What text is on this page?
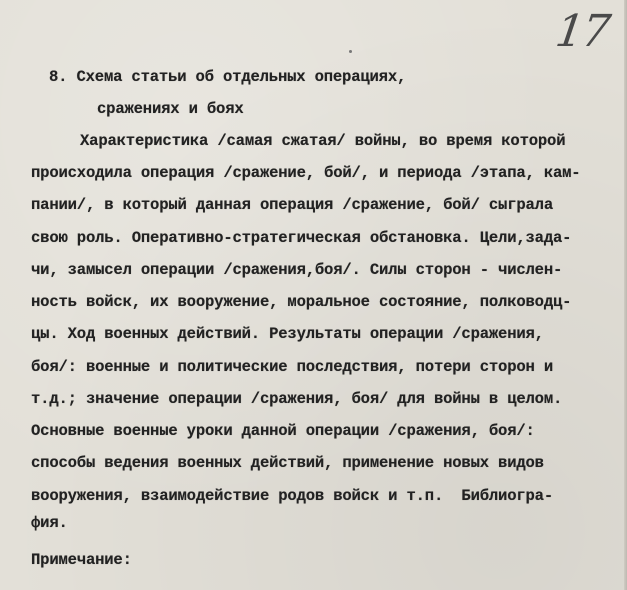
17
8. Схема статьи об отдельных операциях,
сражениях и боях
Характеристика /самая сжатая/ войны, во время которой
происходила операция /сражение, бой/, и периода /этапа, кам-
пании/, в который данная операция /сражение, бой/ сыграла
свою роль. Оперативно-стратегическая обстановка. Цели,зада-
чи, замысел операции /сражения,боя/. Силы сторон - числен-
ность войск, их вооружение, моральное состояние, полководц-
цы. Ход военных действий. Результаты операции /сражения,
боя/: военные и политические последствия, потери сторон и
т.д.; значение операции /сражения, боя/ для войны в целом.
Основные военные уроки данной операции /сражения, боя/:
способы ведения военных действий, применение новых видов
вооружения, взаимодействие родов войск и т.п.  Библиогра-
фия.
Примечание:
